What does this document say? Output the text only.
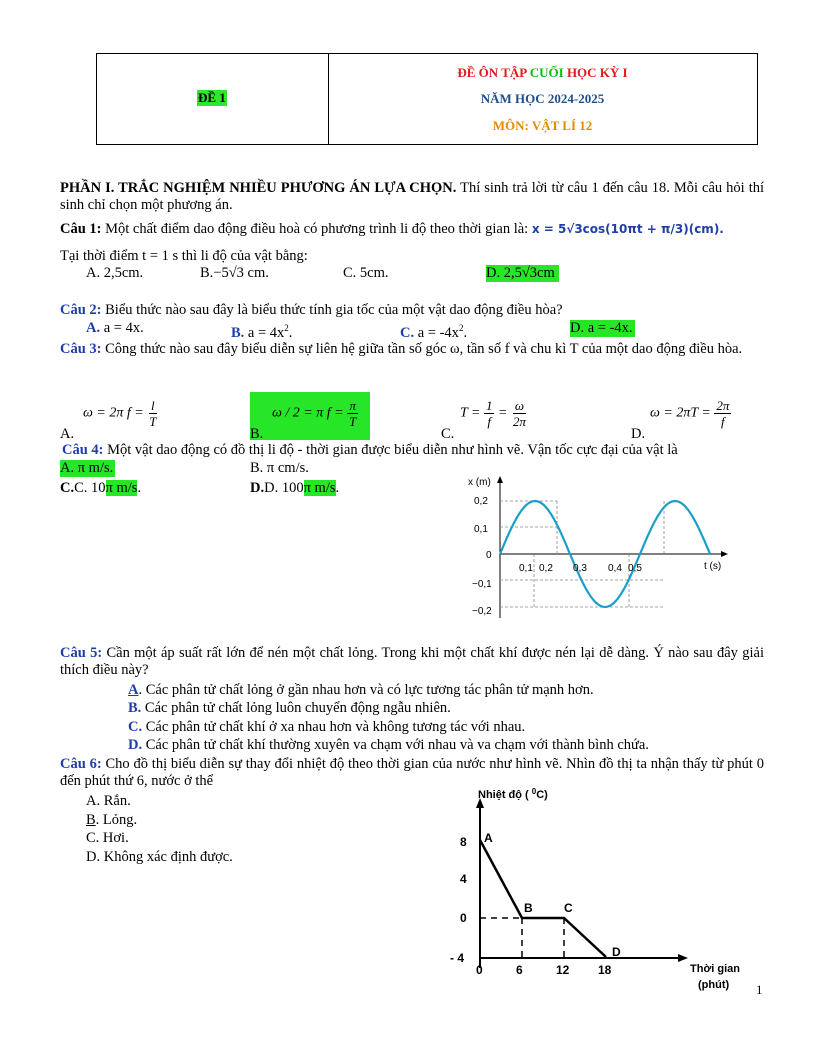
ĐỀ 1
ĐỀ ÔN TẬP CUỐI HỌC KỲ I
NĂM HỌC 2024-2025
MÔN: VẬT LÍ 12
PHẦN I. TRẮC NGHIỆM NHIỀU PHƯƠNG ÁN LỰA CHỌN. Thí sinh trả lời từ câu 1 đến câu 18. Mỗi câu hỏi thí sinh chỉ chọn một phương án.
Câu 1: Một chất điểm dao động điều hoà có phương trình li độ theo thời gian là: x = 5√3cos(10πt + π/3)(cm).
Tại thời điểm t = 1 s thì li độ của vật bằng:
A. 2,5cm.	B.−5√3 cm.	C. 5cm.	D. 2,5√3cm
Câu 2: Biểu thức nào sau đây là biểu thức tính gia tốc của một vật dao động điều hòa?
A. a = 4x.	B. $a = 4x^2$.	C. $a = -4x^2$.	D. a = -4x.
Câu 3: Công thức nào sau đây biểu diễn sự liên hệ giữa tần số góc ω, tần số f và chu kì T của một dao động điều hòa.
A.
ω = 2π $f = \frac{l}{T}$
B.
ω / 2 = π $f = \frac{\pi}{T}$
C.
$T = \frac{1}{f} = \frac{\omega}{2\pi}$
D.
$\omega = 2\pi T = \frac{2\pi}{f}$
Câu 4: Một vật dao động có đồ thị li độ - thời gian được biểu diễn như hình vẽ. Vận tốc cực đại của vật là
A. π m/s.	B. π cm/s.
C.C. 10π m/s.	D.D. 100π m/s.	x (m)
t (s)
0,2
0,1
0
−0,1
−0,2
0,1 0,2 0,3 0,4 0,5
Câu 5: Cần một áp suất rất lớn để nén một chất lỏng. Trong khi một chất khí được nén lại dễ dàng. Ý nào sau đây giải thích điều này?
A. Các phân tử chất lỏng ở gần nhau hơn và có lực tương tác phân tử mạnh hơn.
B. Các phân tử chất lỏng luôn chuyển động ngẫu nhiên.
C. Các phân tử chất khí ở xa nhau hơn và không tương tác với nhau.
D. Các phân tử chất khí thường xuyên va chạm với nhau và va chạm với thành bình chứa.
Câu 6: Cho đồ thị biểu diễn sự thay đổi nhiệt độ theo thời gian của nước như hình vẽ. Nhìn đồ thị ta nhận thấy từ phút 0 đến phút thứ 6, nước ở thể
A. Rắn.
B. Lỏng.
C. Hơi.
D. Không xác định được.
Nhiệt độ ( $^0$C)
8
4
0
- 4
0	6	12 18
A
B	C
D
Thời gian
(phút) 1
